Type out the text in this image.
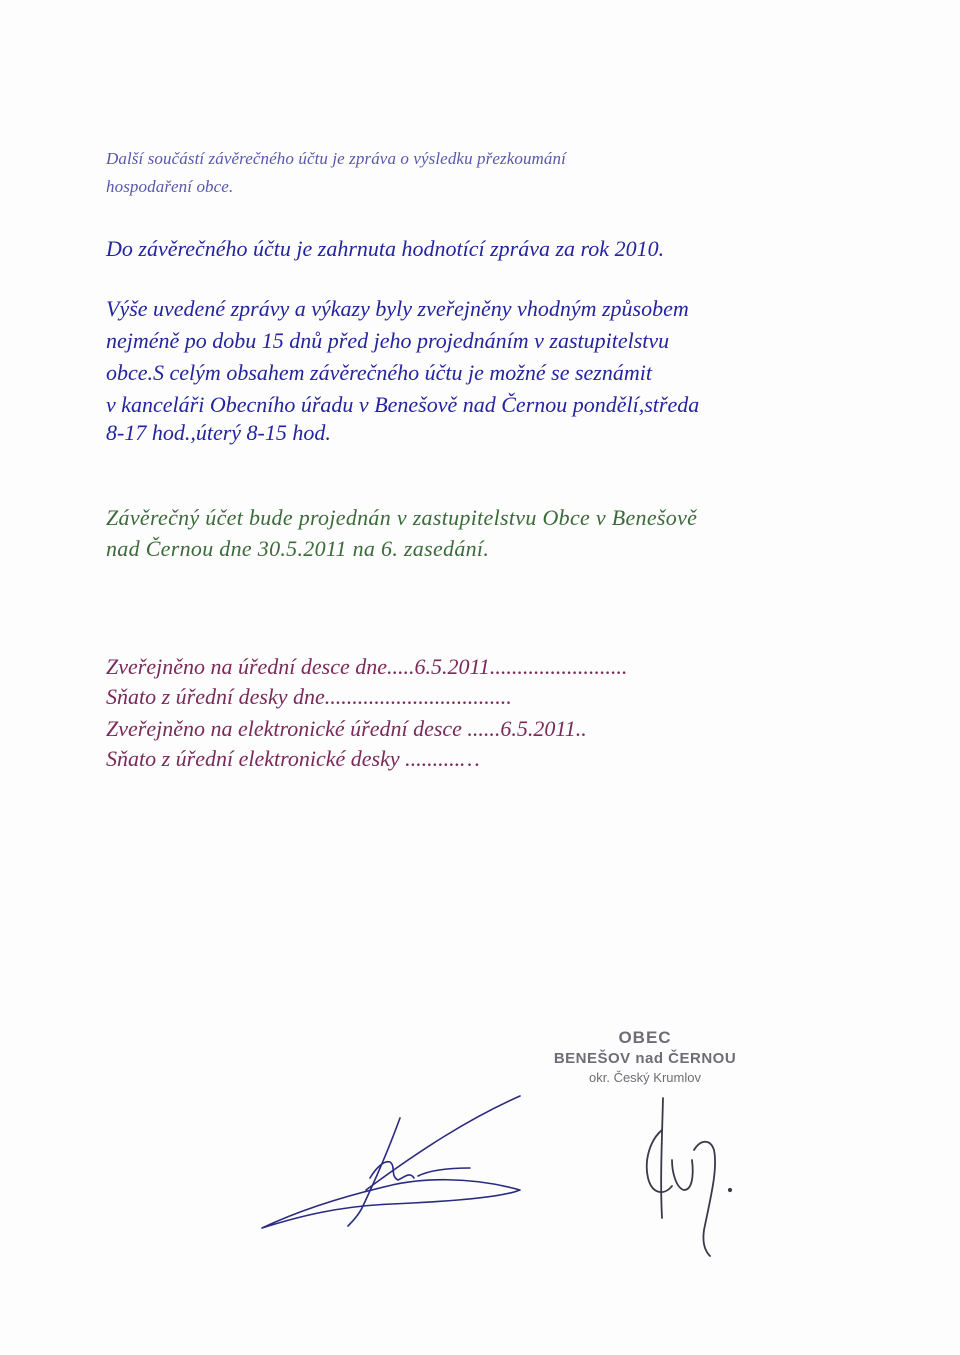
Další součástí závěrečného účtu je zpráva o výsledku přezkoumání
hospodaření obce.
Do závěrečného účtu je zahrnuta hodnotící zpráva za rok 2010.
Výše uvedené zprávy a výkazy byly zveřejněny vhodným způsobem
nejméně po dobu 15 dnů před jeho projednáním v zastupitelstvu
obce.S celým obsahem závěrečného účtu je možné se seznámit
v kanceláři Obecního úřadu v Benešově nad Černou pondělí,středa
8-17 hod.,úterý 8-15 hod.
Závěrečný účet bude projednán v zastupitelstvu Obce v Benešově
nad Černou dne 30.5.2011 na 6. zasedání.
Zveřejněno na úřední desce dne.....6.5.2011.........................
Sňato z úřední desky dne..................................
Zveřejněno na elektronické úřední desce ......6.5.2011..
Sňato z úřední elektronické desky ..........…
OBEC
BENEŠOV nad ČERNOU
okr. Český Krumlov
